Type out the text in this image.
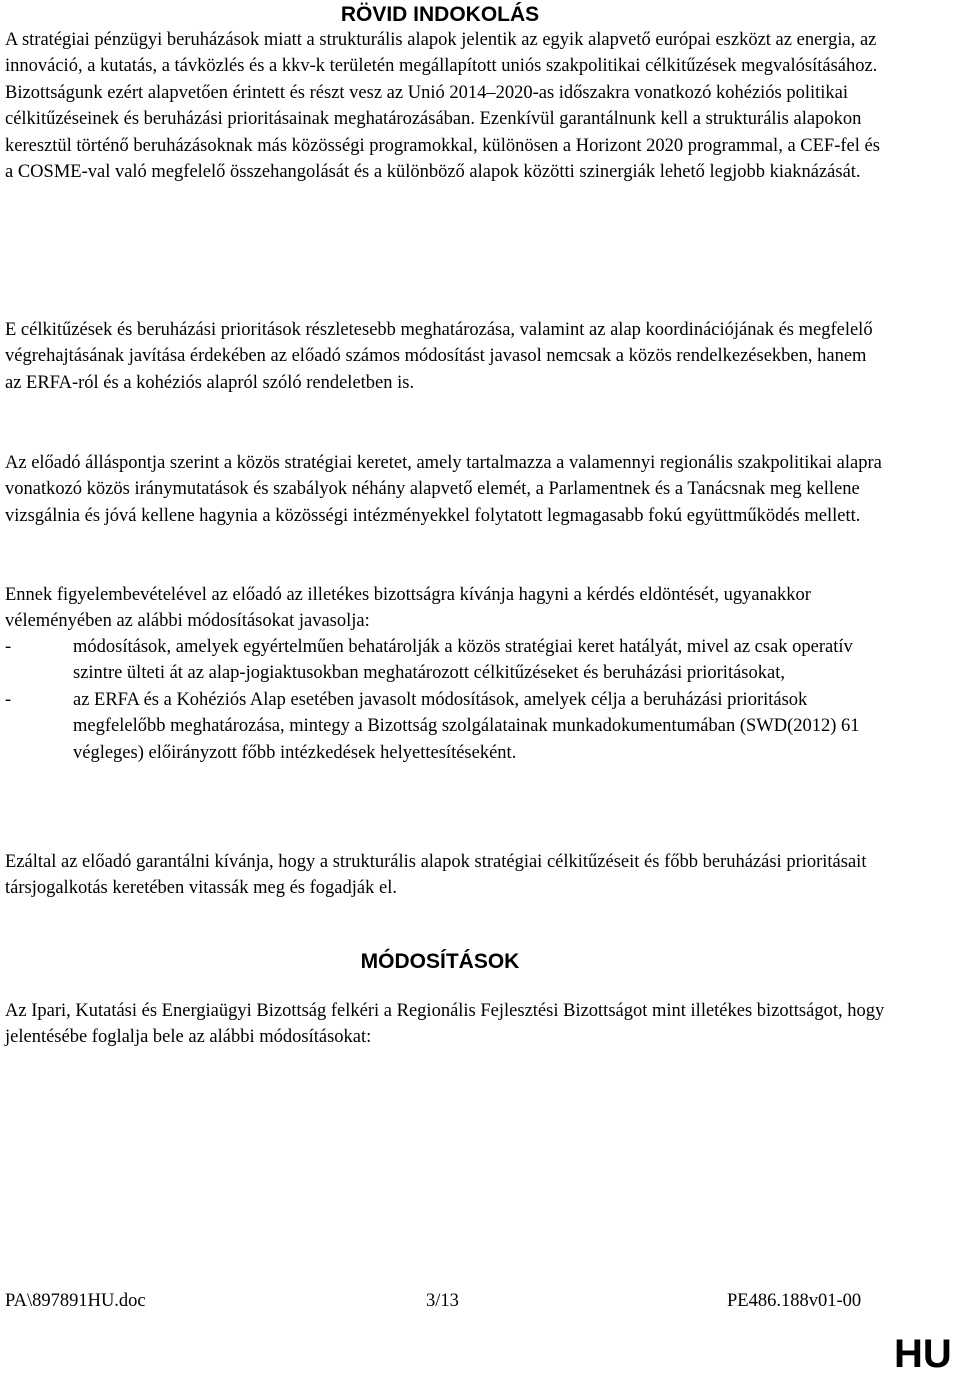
RÖVID INDOKOLÁS

A stratégiai pénzügyi beruházások miatt a strukturális alapok jelentik az egyik alapvető európai eszközt az energia, az innováció, a kutatás, a távközlés és a kkv-k területén megállapított uniós szakpolitikai célkitűzések megvalósításához. Bizottságunk ezért alapvetően érintett és részt vesz az Unió 2014–2020-as időszakra vonatkozó kohéziós politikai célkitűzéseinek és beruházási prioritásainak meghatározásában. Ezenkívül garantálnunk kell a strukturális alapokon keresztül történő beruházásoknak más közösségi programokkal, különösen a Horizont 2020 programmal, a CEF-fel és a COSME-val való megfelelő összehangolását és a különböző alapok közötti szinergiák lehető legjobb kiaknázását.

E célkitűzések és beruházási prioritások részletesebb meghatározása, valamint az alap koordinációjának és megfelelő végrehajtásának javítása érdekében az előadó számos módosítást javasol nemcsak a közös rendelkezésekben, hanem az ERFA-ról és a kohéziós alapról szóló rendeletben is.

Az előadó álláspontja szerint a közös stratégiai keretet, amely tartalmazza a valamennyi regionális szakpolitikai alapra vonatkozó közös iránymutatások és szabályok néhány alapvető elemét, a Parlamentnek és a Tanácsnak meg kellene vizsgálnia és jóvá kellene hagynia a közösségi intézményekkel folytatott legmagasabb fokú együttműködés mellett.

Ennek figyelembevételével az előadó az illetékes bizottságra kívánja hagyni a kérdés eldöntését, ugyanakkor véleményében az alábbi módosításokat javasolja:

-	módosítások, amelyek egyértelműen behatárolják a közös stratégiai keret hatályát, mivel az csak operatív szintre ülteti át az alap-jogiaktusokban meghatározott célkitűzéseket és beruházási prioritásokat,
-	az ERFA és a Kohéziós Alap esetében javasolt módosítások, amelyek célja a beruházási prioritások megfelelőbb meghatározása, mintegy a Bizottság szolgálatainak munkadokumentumában (SWD(2012) 61 végleges) előirányzott főbb intézkedések helyettesítéseként.

Ezáltal az előadó garantálni kívánja, hogy a strukturális alapok stratégiai célkitűzéseit és főbb beruházási prioritásait társjogalkotás keretében vitassák meg és fogadják el.

MÓDOSÍTÁSOK

Az Ipari, Kutatási és Energiaügyi Bizottság felkéri a Regionális Fejlesztési Bizottságot mint illetékes bizottságot, hogy jelentésébe foglalja bele az alábbi módosításokat:

PA\897891HU.doc	3/13	PE486.188v01-00
HU
